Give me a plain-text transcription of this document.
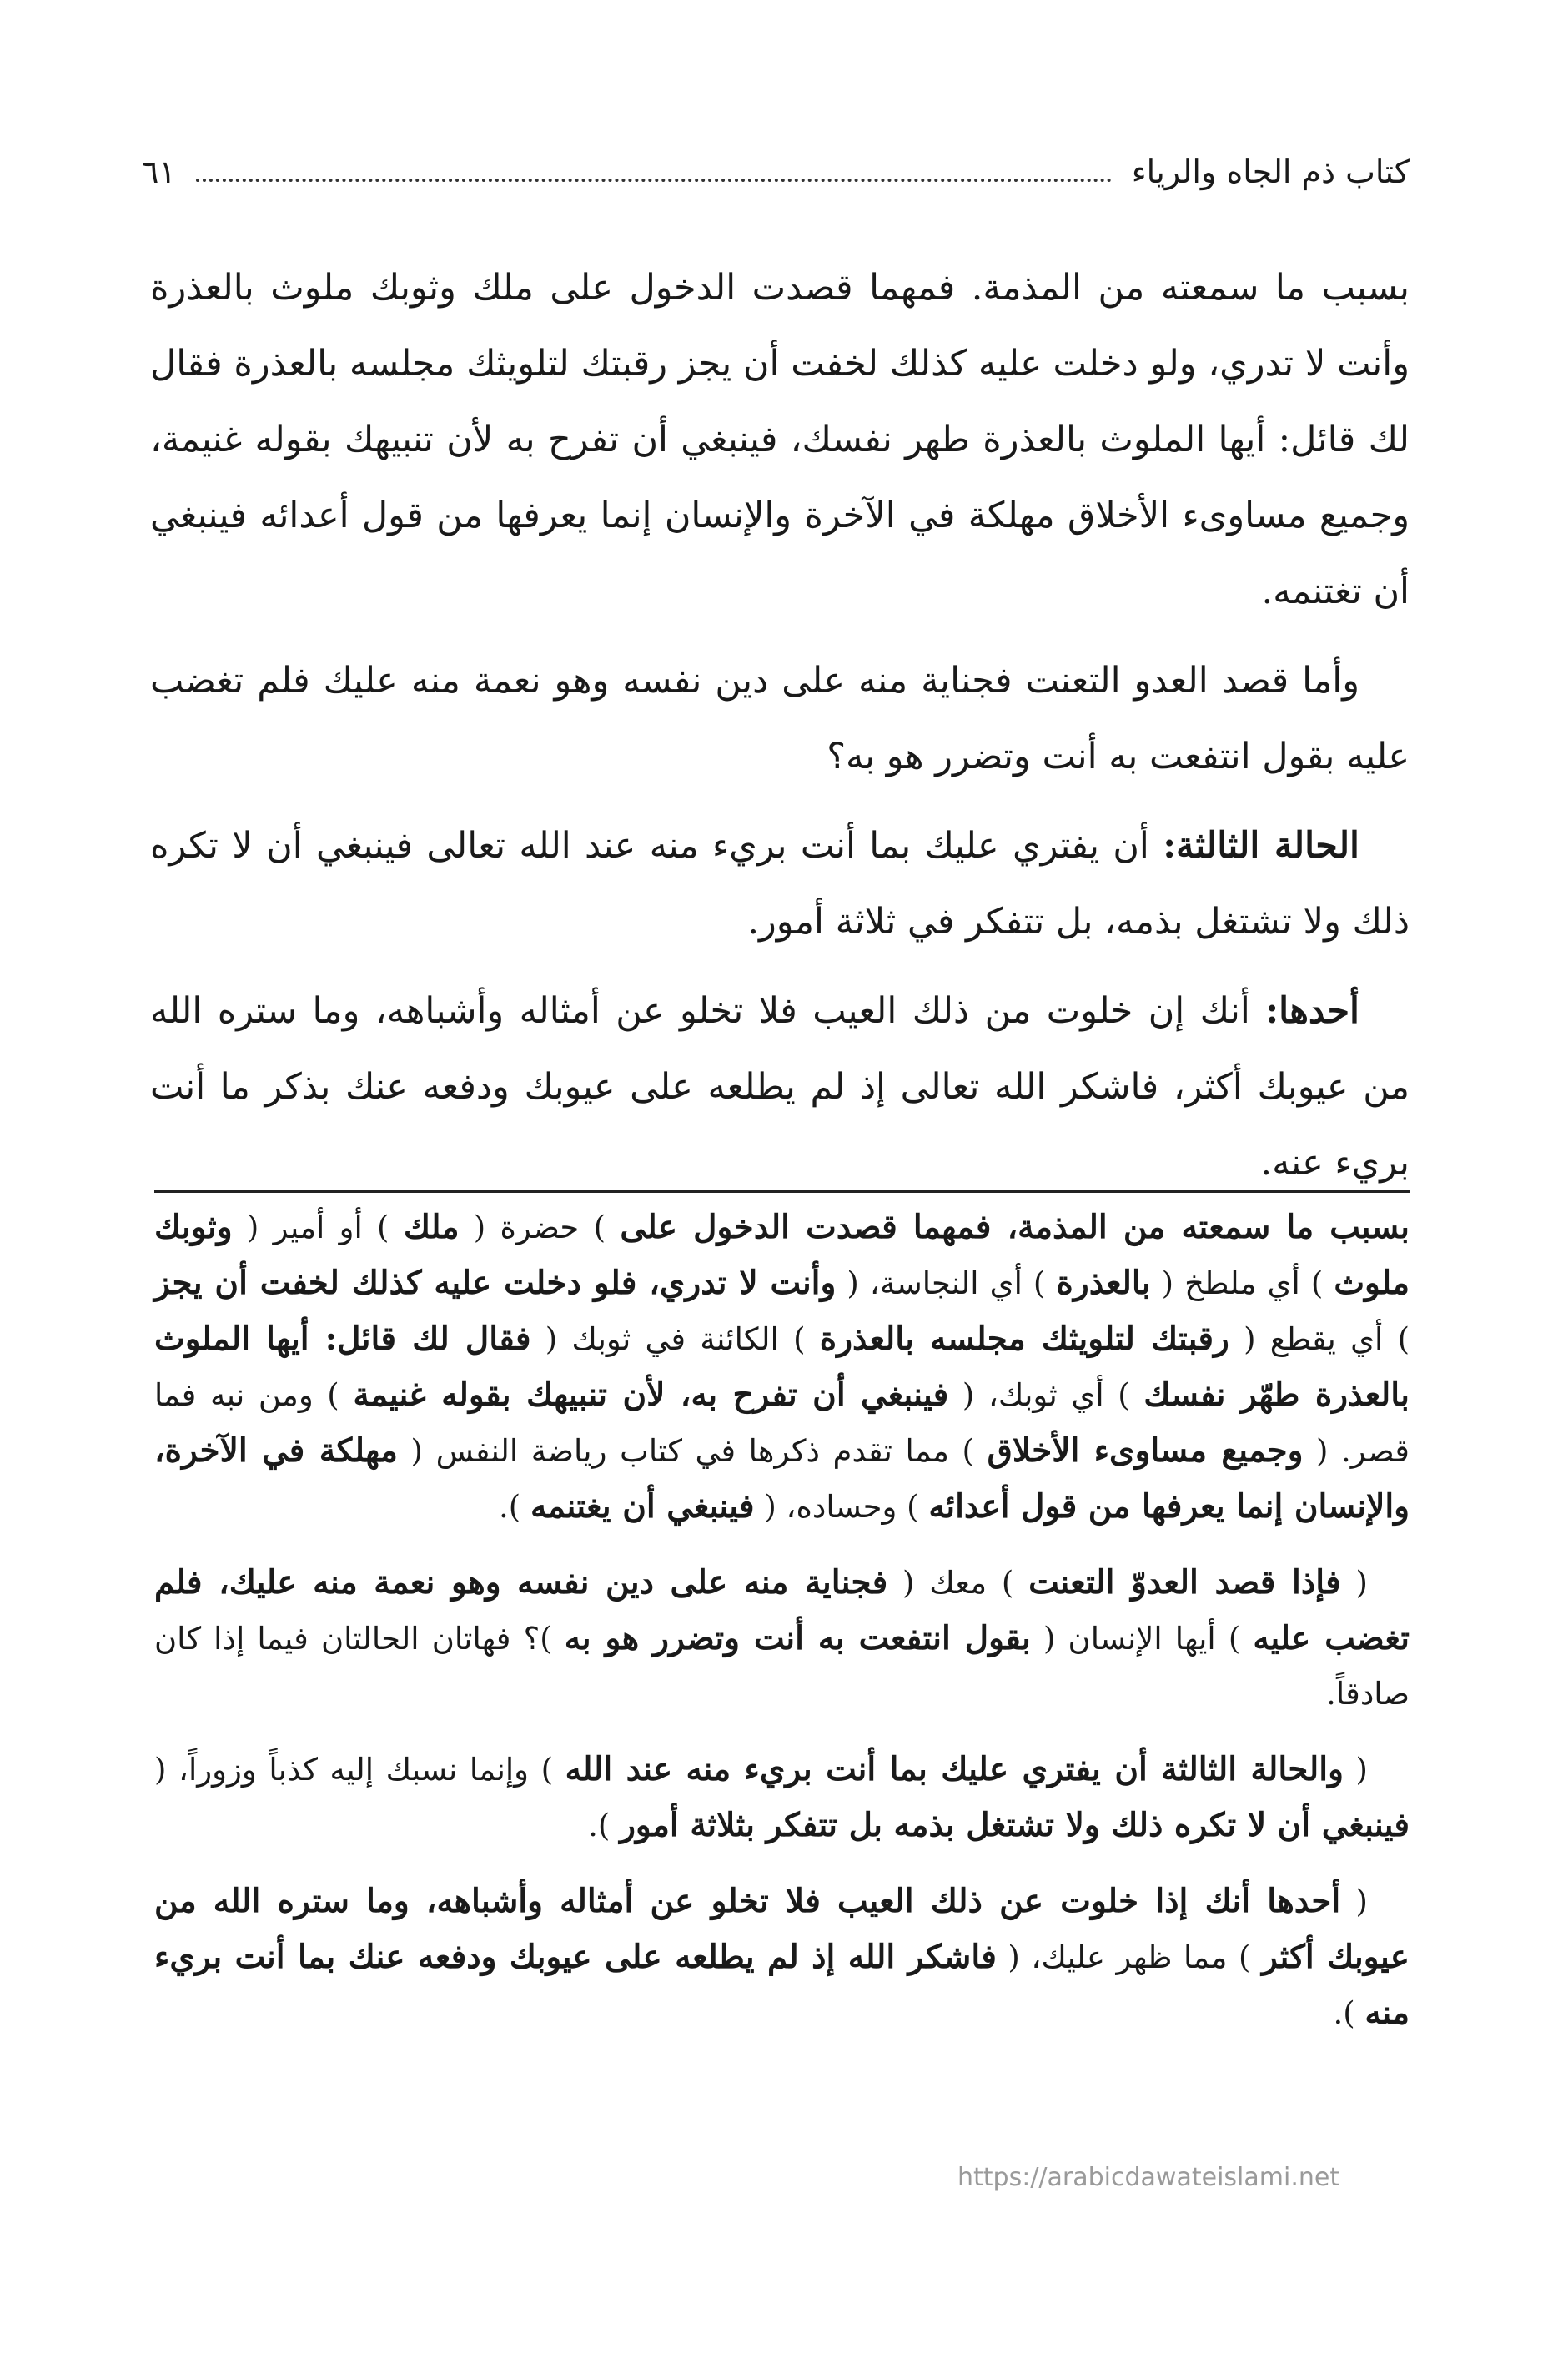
كتاب ذم الجاه والرياء
٦١

بسبب ما سمعته من المذمة. فمهما قصدت الدخول على ملك وثوبك ملوث بالعذرة وأنت لا تدري، ولو دخلت عليه كذلك لخفت أن يجز رقبتك لتلويثك مجلسه بالعذرة فقال لك قائل: أيها الملوث بالعذرة طهر نفسك، فينبغي أن تفرح به لأن تنبيهك بقوله غنيمة، وجميع مساوىء الأخلاق مهلكة في الآخرة والإنسان إنما يعرفها من قول أعدائه فينبغي أن تغتنمه.

وأما قصد العدو التعنت فجناية منه على دين نفسه وهو نعمة منه عليك فلم تغضب عليه بقول انتفعت به أنت وتضرر هو به؟

الحالة الثالثة: أن يفتري عليك بما أنت بريء منه عند الله تعالى فينبغي أن لا تكره ذلك ولا تشتغل بذمه، بل تتفكر في ثلاثة أمور.

أحدها: أنك إن خلوت من ذلك العيب فلا تخلو عن أمثاله وأشباهه، وما ستره الله من عيوبك أكثر، فاشكر الله تعالى إذ لم يطلعه على عيوبك ودفعه عنك بذكر ما أنت بريء عنه.

بسبب ما سمعته من المذمة، فمهما قصدت الدخول على ) حضرة ( ملك ) أو أمير ( وثوبك ملوث ) أي ملطخ ( بالعذرة ) أي النجاسة، ( وأنت لا تدري، فلو دخلت عليه كذلك لخفت أن يجز ) أي يقطع ( رقبتك لتلويثك مجلسه بالعذرة ) الكائنة في ثوبك ( فقال لك قائل: أيها الملوث بالعذرة طهّر نفسك ) أي ثوبك، ( فينبغي أن تفرح به، لأن تنبيهك بقوله غنيمة ) ومن نبه فما قصر. ( وجميع مساوىء الأخلاق ) مما تقدم ذكرها في كتاب رياضة النفس ( مهلكة في الآخرة، والإنسان إنما يعرفها من قول أعدائه ) وحساده، ( فينبغي أن يغتنمه ).

( فإذا قصد العدوّ التعنت ) معك ( فجناية منه على دين نفسه وهو نعمة منه عليك، فلم تغضب عليه ) أيها الإنسان ( بقول انتفعت به أنت وتضرر هو به )؟ فهاتان الحالتان فيما إذا كان صادقاً.

( والحالة الثالثة أن يفتري عليك بما أنت بريء منه عند الله ) وإنما نسبك إليه كذباً وزوراً، ( فينبغي أن لا تكره ذلك ولا تشتغل بذمه بل تتفكر بثلاثة أمور ).

( أحدها أنك إذا خلوت عن ذلك العيب فلا تخلو عن أمثاله وأشباهه، وما ستره الله من عيوبك أكثر ) مما ظهر عليك، ( فاشكر الله إذ لم يطلعه على عيوبك ودفعه عنك بما أنت بريء منه ).

https://arabicdawateislami.net
